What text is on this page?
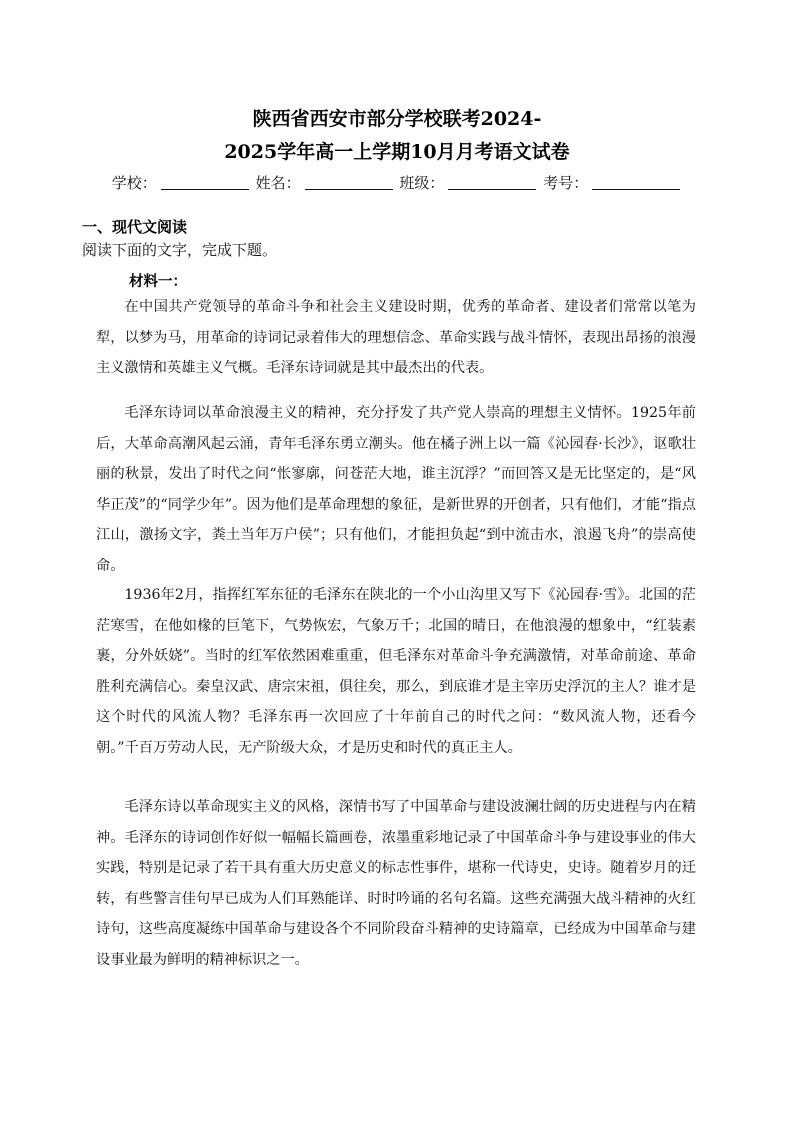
陕西省西安市部分学校联考2024-
2025学年高一上学期10月月考语文试卷
学校：	姓名：	班级：	考号：
一、现代文阅读
阅读下面的文字，完成下题。
材料一：

在中国共产党领导的革命斗争和社会主义建设时期，优秀的革命者、建设者们常常以笔为犁，以梦为马，用革命的诗词记录着伟大的理想信念、革命实践与战斗情怀，表现出昂扬的浪漫主义激情和英雄主义气概。毛泽东诗词就是其中最杰出的代表。

毛泽东诗词以革命浪漫主义的精神，充分抒发了共产党人崇高的理想主义情怀。1925年前后，大革命高潮风起云涌，青年毛泽东勇立潮头。他在橘子洲上以一篇《沁园春·长沙》，讴歌壮丽的秋景，发出了时代之问“怅寥廓，问苍茫大地，谁主沉浮？”而回答又是无比坚定的，是“风华正茂”的“同学少年”。因为他们是革命理想的象征，是新世界的开创者，只有他们，才能“指点江山，激扬文字，粪土当年万户侯”；只有他们，才能担负起“到中流击水，浪遏飞舟”的崇高使命。

1936年2月，指挥红军东征的毛泽东在陕北的一个小山沟里又写下《沁园春·雪》。北国的茫茫寒雪，在他如椽的巨笔下，气势恢宏，气象万千；北国的晴日，在他浪漫的想象中，“红装素裹，分外妖娆”。当时的红军依然困难重重，但毛泽东对革命斗争充满激情，对革命前途、革命胜利充满信心。秦皇汉武、唐宗宋祖，俱往矣，那么，到底谁才是主宰历史浮沉的主人？谁才是这个时代的风流人物？毛泽东再一次回应了十年前自己的时代之问：“数风流人物，还看今朝。”千百万劳动人民，无产阶级大众，才是历史和时代的真正主人。

毛泽东诗以革命现实主义的风格，深情书写了中国革命与建设波澜壮阔的历史进程与内在精神。毛泽东的诗词创作好似一幅幅长篇画卷，浓墨重彩地记录了中国革命斗争与建设事业的伟大实践，特别是记录了若干具有重大历史意义的标志性事件，堪称一代诗史，史诗。随着岁月的迁转，有些警言佳句早已成为人们耳熟能详、时时吟诵的名句名篇。这些充满强大战斗精神的火红诗句，这些高度凝练中国革命与建设各个不同阶段奋斗精神的史诗篇章，已经成为中国革命与建设事业最为鲜明的精神标识之一。
